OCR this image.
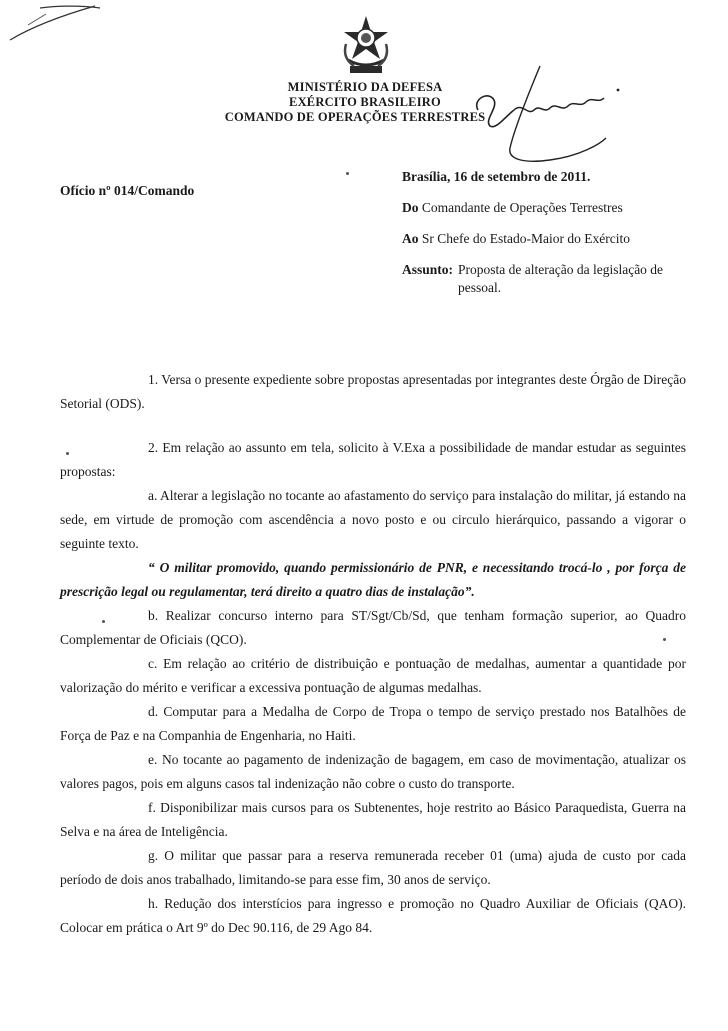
MINISTÉRIO DA DEFESA
EXÉRCITO BRASILEIRO
COMANDO DE OPERAÇÕES TERRESTRES
Ofício nº 014/Comando
Brasília, 16 de setembro de 2011.
Do Comandante de Operações Terrestres
Ao Sr Chefe do Estado-Maior do Exército
Assunto: Proposta de alteração da legislação de pessoal.

1. Versa o presente expediente sobre propostas apresentadas por integrantes deste Órgão de Direção Setorial (ODS).

2. Em relação ao assunto em tela, solicito à V.Exa a possibilidade de mandar estudar as seguintes propostas:

a. Alterar a legislação no tocante ao afastamento do serviço para instalação do militar, já estando na sede, em virtude de promoção com ascendência a novo posto e ou circulo hierárquico, passando a vigorar o seguinte texto.

“ O militar promovido, quando permissionário de PNR, e necessitando trocá-lo , por força de prescrição legal ou regulamentar, terá direito a quatro dias de instalação”.

b. Realizar concurso interno para ST/Sgt/Cb/Sd, que tenham formação superior, ao Quadro Complementar de Oficiais (QCO).

c. Em relação ao critério de distribuição e pontuação de medalhas, aumentar a quantidade por valorização do mérito e verificar a excessiva pontuação de algumas medalhas.

d. Computar para a Medalha de Corpo de Tropa o tempo de serviço prestado nos Batalhões de Força de Paz e na Companhia de Engenharia, no Haiti.

e. No tocante ao pagamento de indenização de bagagem, em caso de movimentação, atualizar os valores pagos, pois em alguns casos tal indenização não cobre o custo do transporte.

f. Disponibilizar mais cursos para os Subtenentes, hoje restrito ao Básico Paraquedista, Guerra na Selva e na área de Inteligência.

g. O militar que passar para a reserva remunerada receber 01 (uma) ajuda de custo por cada período de dois anos trabalhado, limitando-se para esse fim, 30 anos de serviço.

h. Redução dos interstícios para ingresso e promoção no Quadro Auxiliar de Oficiais (QAO). Colocar em prática o Art 9º do Dec 90.116, de 29 Ago 84.
